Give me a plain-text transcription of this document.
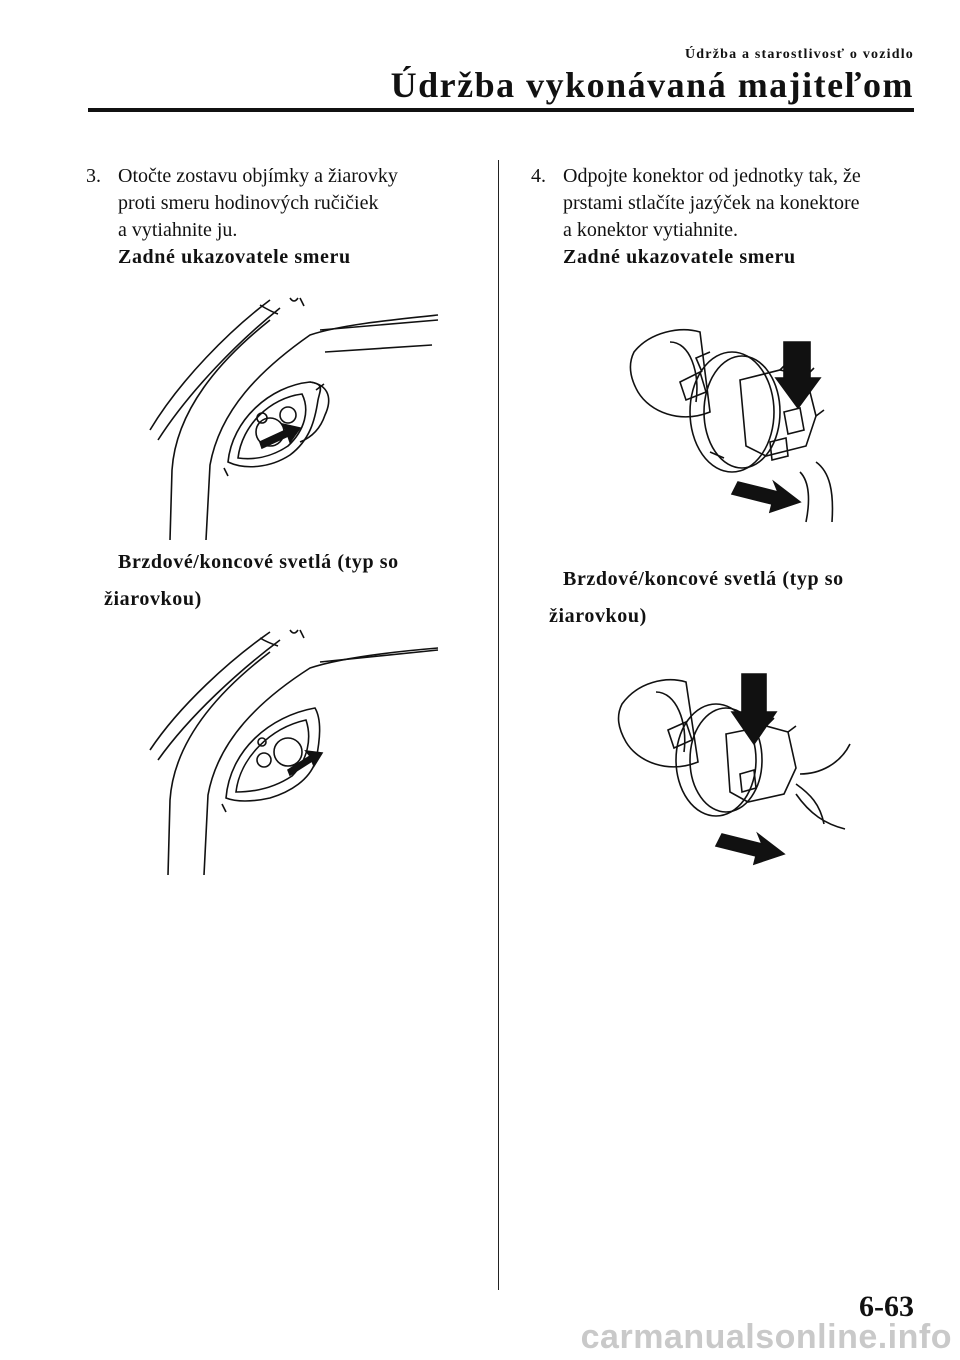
Údržba a starostlivosť o vozidlo
Údržba vykonávaná majiteľom
3. Otočte zostavu objímky a žiarovky
proti smeru hodinových ručičiek
a vytiahnite ju.
Zadné ukazovatele smeru
Brzdové/koncové svetlá (typ so
žiarovkou)
4. Odpojte konektor od jednotky tak, že
prstami stlačíte jazýček na konektore
a konektor vytiahnite.
Zadné ukazovatele smeru
Brzdové/koncové svetlá (typ so
žiarovkou)
6-63
carmanualsonline.info
